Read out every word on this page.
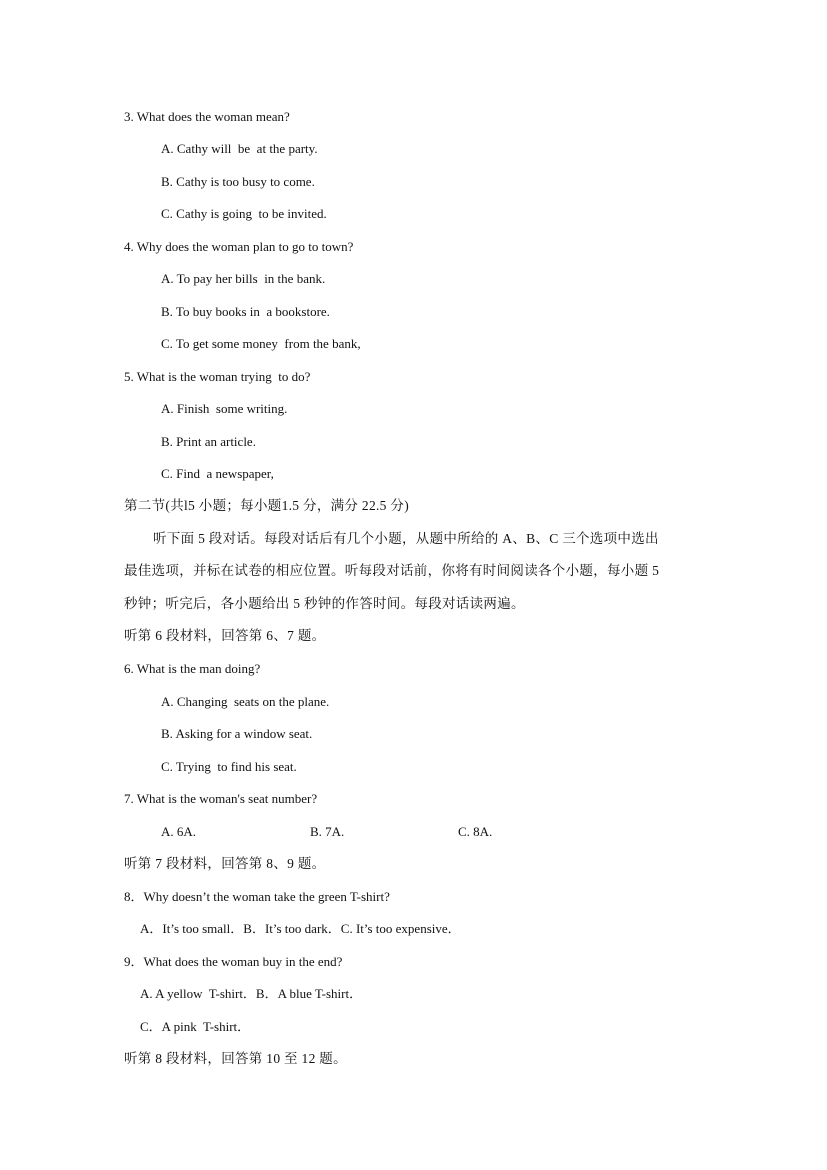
3. What does the woman mean?
A. Cathy will  be  at the party.
B. Cathy is too busy to come.
C. Cathy is going  to be invited.
4. Why does the woman plan to go to town?
A. To pay her bills  in the bank.
B. To buy books in  a bookstore.
C. To get some money  from the bank,
5. What is the woman trying  to do?
A. Finish  some writing.
B. Print an article.
C. Find  a newspaper,
第二节(共l5 小题；每小题1.5 分，满分 22.5 分)
听下面 5 段对话。每段对话后有几个小题，从题中所给的 A、B、C 三个选项中选出
最佳选项，并标在试卷的相应位置。听每段对话前，你将有时间阅读各个小题，每小题 5
秒钟；听完后，各小题给出 5 秒钟的作答时间。每段对话读两遍。
听第 6 段材料，回答第 6、7 题。
6. What is the man doing?
A. Changing  seats on the plane.
B. Asking for a window seat.
C. Trying  to find his seat.
7. What is the woman's seat number?
A. 6A.	B. 7A.	C. 8A.
听第 7 段材料，回答第 8、9 题。
8．Why doesn’t the woman take the green T-shirt?
A．It’s too small．B．It’s too dark．C. It’s too expensive．
9．What does the woman buy in the end?
A. A yellow  T-shirt．B．A blue T-shirt．
C．A pink  T-shirt．
听第 8 段材料，回答第 10 至 12 题。
